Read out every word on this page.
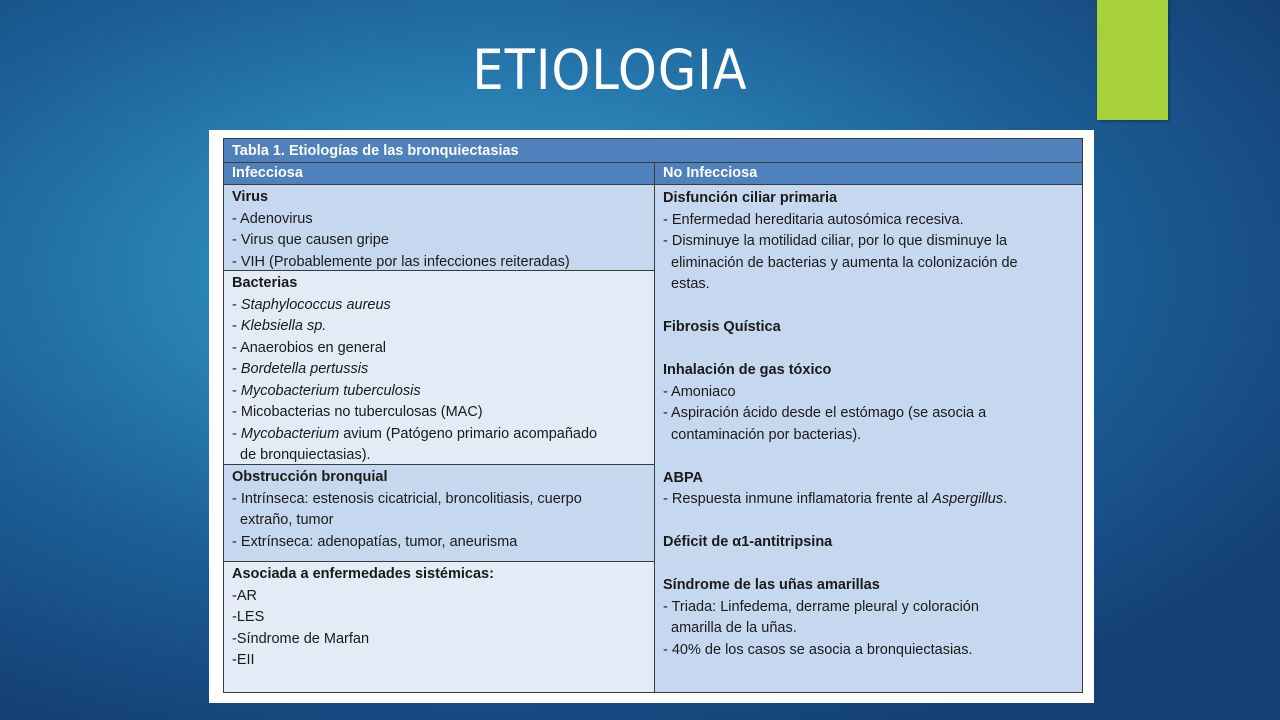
ETIOLOGIA
Tabla 1. Etiologías de las bronquiectasias
Infecciosa	No Infecciosa
Virus
- Adenovirus
- Virus que causen gripe
- VIH (Probablemente por las infecciones reiteradas)
Bacterias
- Staphylococcus aureus
- Klebsiella sp.
- Anaerobios en general
- Bordetella pertussis
- Mycobacterium tuberculosis
- Micobacterias no tuberculosas (MAC)
- Mycobacterium avium (Patógeno primario acompañado
de bronquiectasias).
Obstrucción bronquial
- Intrínseca: estenosis cicatricial, broncolitiasis, cuerpo
extraño, tumor
- Extrínseca: adenopatías, tumor, aneurisma
Asociada a enfermedades sistémicas:
-AR
-LES
-Síndrome de Marfan
-EII
Disfunción ciliar primaria
- Enfermedad hereditaria autosómica recesiva.
- Disminuye la motilidad ciliar, por lo que disminuye la
eliminación de bacterias y aumenta la colonización de
estas.
Fibrosis Quística
Inhalación de gas tóxico
- Amoniaco
- Aspiración ácido desde el estómago (se asocia a
contaminación por bacterias).
ABPA
- Respuesta inmune inflamatoria frente al Aspergillus.
Déficit de α1-antitripsina
Síndrome de las uñas amarillas
- Triada: Linfedema, derrame pleural y coloración
amarilla de la uñas.
- 40% de los casos se asocia a bronquiectasias.
